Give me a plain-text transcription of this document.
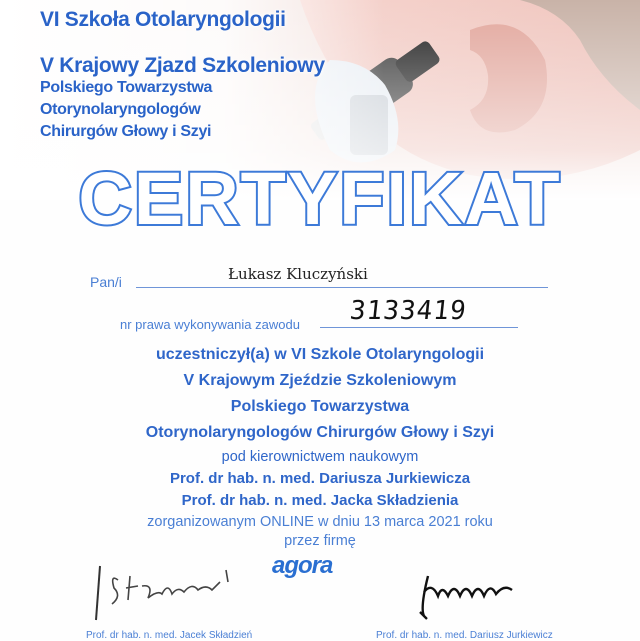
VI Szkoła Otolaryngologii
V Krajowy Zjazd Szkoleniowy
Polskiego Towarzystwa
Otorynolaryngologów
Chirurgów Głowy i Szyi
CERTYFIKAT
Pan/i	Łukasz Kluczyński
nr prawa wykonywania zawodu 3133419
uczestniczył(a) w VI Szkole Otolaryngologii
V Krajowym Zjeździe Szkoleniowym
Polskiego Towarzystwa
Otorynolaryngologów Chirurgów Głowy i Szyi
pod kierownictwem naukowym
Prof. dr hab. n. med. Dariusza Jurkiewicza
Prof. dr hab. n. med. Jacka Składzienia
zorganizowanym ONLINE w dniu 13 marca 2021 roku
przez firmę
agora
Prof. dr hab. n. med. Jacek Składzień	Prof. dr hab. n. med. Dariusz Jurkiewicz
